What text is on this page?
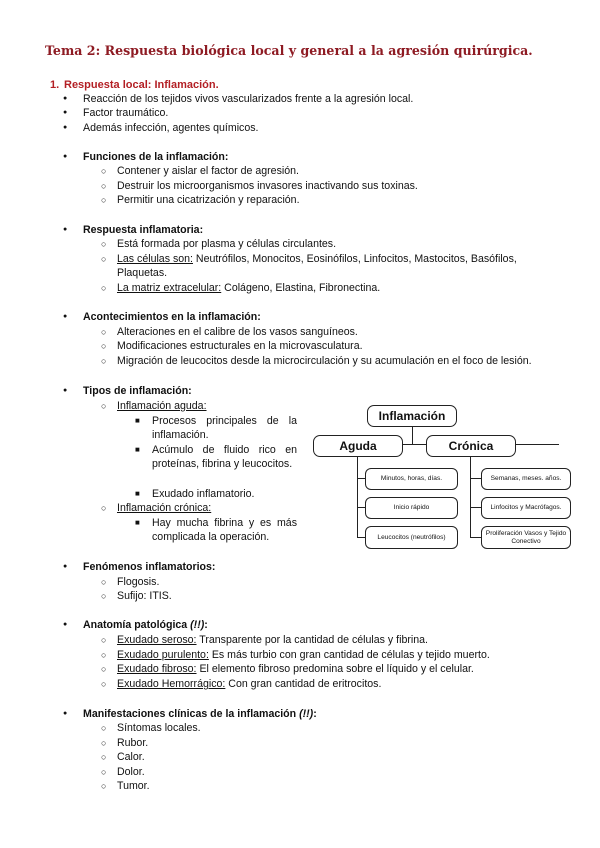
Tema 2: Respuesta biológica local y general a la agresión quirúrgica.
1. Respuesta local: Inflamación.
● Reacción de los tejidos vivos vascularizados frente a la agresión local.
● Factor traumático.
● Además infección, agentes químicos.
● Funciones de la inflamación:
○ Contener y aislar el factor de agresión.
○ Destruir los microorganismos invasores inactivando sus toxinas.
○ Permitir una cicatrización y reparación.
● Respuesta inflamatoria:
○ Está formada por plasma y células circulantes.
○ Las células son: Neutrófilos, Monocitos, Eosinófilos, Linfocitos, Mastocitos, Basófilos,
Plaquetas.
○ La matriz extracelular: Colágeno, Elastina, Fibronectina.
● Acontecimientos en la inflamación:
○ Alteraciones en el calibre de los vasos sanguíneos.
○ Modificaciones estructurales en la microvasculatura.
○ Migración de leucocitos desde la microcirculación y su acumulación en el foco de lesión.
● Tipos de inflamación:
○ Inflamación aguda:
■ Procesos principales de la inflamación.
■ Acúmulo de fluido rico en proteínas, fibrina y leucocitos.
■ Exudado inflamatorio.
○ Inflamación crónica:
■ Hay mucha fibrina y es más complicada la operación.
Inflamación
Aguda	Crónica
Minutos, horas, días.
Inicio rápido
Leucocitos (neutrófilos)
Semanas, meses. años.
Linfocitos y Macrófagos.
Proliferación Vasos y Tejido Conectivo
● Fenómenos inflamatorios:
○ Flogosis.
○ Sufijo: ITIS.
● Anatomía patológica (!!):
○ Exudado seroso: Transparente por la cantidad de células y fibrina.
○ Exudado purulento: Es más turbio con gran cantidad de células y tejido muerto.
○ Exudado fibroso: El elemento fibroso predomina sobre el líquido y el celular.
○ Exudado Hemorrágico: Con gran cantidad de eritrocitos.
● Manifestaciones clínicas de la inflamación (!!):
○ Síntomas locales.
○ Rubor.
○ Calor.
○ Dolor.
○ Tumor.
